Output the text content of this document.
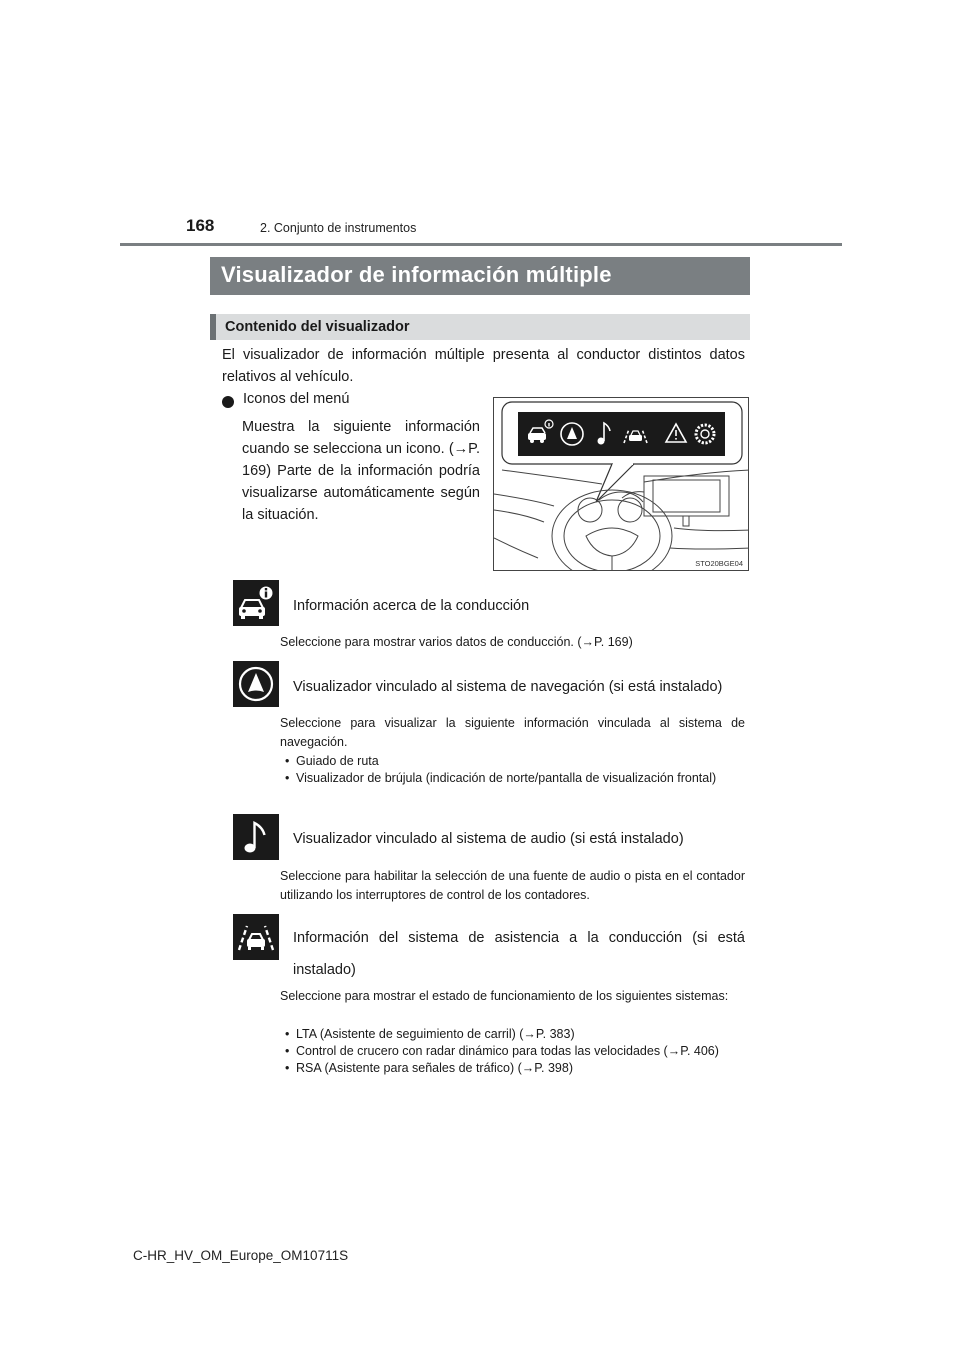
168	2. Conjunto de instrumentos
Visualizador de información múltiple
Contenido del visualizador
El visualizador de información múltiple presenta al conductor distintos datos relativos al vehículo.
Iconos del menú
Muestra la siguiente información cuando se selecciona un icono. (→P. 169) Parte de la información podría visualizarse automáticamente según la situación.
STO20BGE04
Información acerca de la conducción
Seleccione para mostrar varios datos de conducción. (→P. 169)
Visualizador vinculado al sistema de navegación (si está instalado)
Seleccione para visualizar la siguiente información vinculada al sistema de navegación.
• Guiado de ruta
• Visualizador de brújula (indicación de norte/pantalla de visualización frontal)
Visualizador vinculado al sistema de audio (si está instalado)
Seleccione para habilitar la selección de una fuente de audio o pista en el contador utilizando los interruptores de control de los contadores.
Información del sistema de asistencia a la conducción (si está
instalado)
Seleccione para mostrar el estado de funcionamiento de los siguientes sistemas:
• LTA (Asistente de seguimiento de carril) (→P. 383)
• Control de crucero con radar dinámico para todas las velocidades (→P. 406)
• RSA (Asistente para señales de tráfico) (→P. 398)
C-HR_HV_OM_Europe_OM10711S
